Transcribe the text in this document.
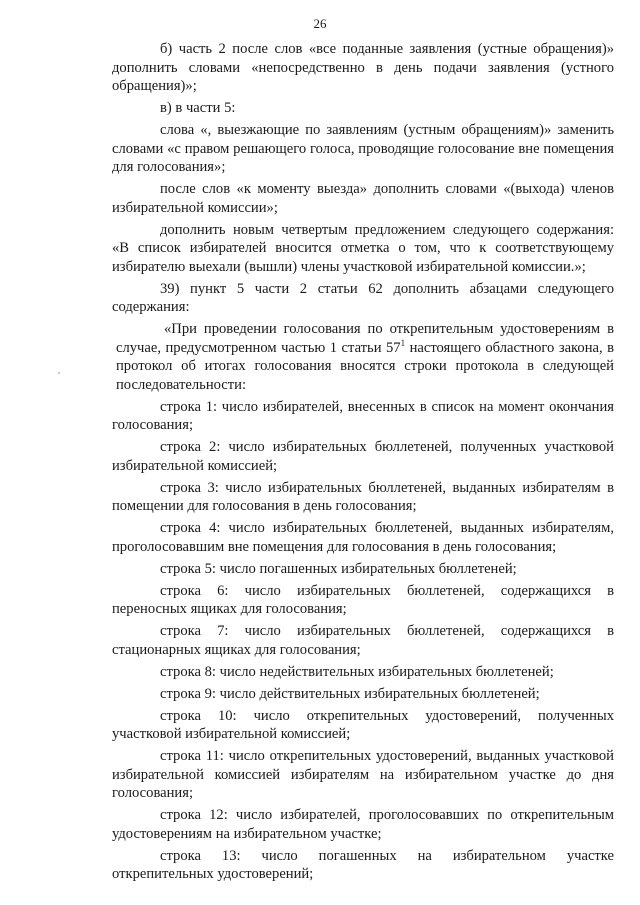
26

б) часть 2 после слов «все поданные заявления (устные обращения)» дополнить словами «непосредственно в день подачи заявления (устного обращения)»;

в) в части 5:

слова «, выезжающие по заявлениям (устным обращениям)» заменить словами «с правом решающего голоса, проводящие голосование вне помещения для голосования»;

после слов «к моменту выезда» дополнить словами «(выхода) членов избирательной комиссии»;

дополнить новым четвертым предложением следующего содержания: «В список избирателей вносится отметка о том, что к соответствующему избирателю выехали (вышли) члены участковой избирательной комиссии.»;

39) пункт 5 части 2 статьи 62 дополнить абзацами следующего содержания:

«При проведении голосования по открепительным удостоверениям в случае, предусмотренном частью 1 статьи $57^1$ настоящего областного закона, в протокол об итогах голосования вносятся строки протокола в следующей последовательности:

строка 1: число избирателей, внесенных в список на момент окончания голосования;

строка 2: число избирательных бюллетеней, полученных участковой избирательной комиссией;

строка 3: число избирательных бюллетеней, выданных избирателям в помещении для голосования в день голосования;

строка 4: число избирательных бюллетеней, выданных избирателям, проголосовавшим вне помещения для голосования в день голосования;

строка 5: число погашенных избирательных бюллетеней;

строка 6: число избирательных бюллетеней, содержащихся в переносных ящиках для голосования;

строка 7: число избирательных бюллетеней, содержащихся в стационарных ящиках для голосования;

строка 8: число недействительных избирательных бюллетеней;

строка 9: число действительных избирательных бюллетеней;

строка 10: число открепительных удостоверений, полученных участковой избирательной комиссией;

строка 11: число открепительных удостоверений, выданных участковой избирательной комиссией избирателям на избирательном участке до дня голосования;

строка 12: число избирателей, проголосовавших по открепительным удостоверениям на избирательном участке;

строка 13: число погашенных на избирательном участке открепительных удостоверений;
